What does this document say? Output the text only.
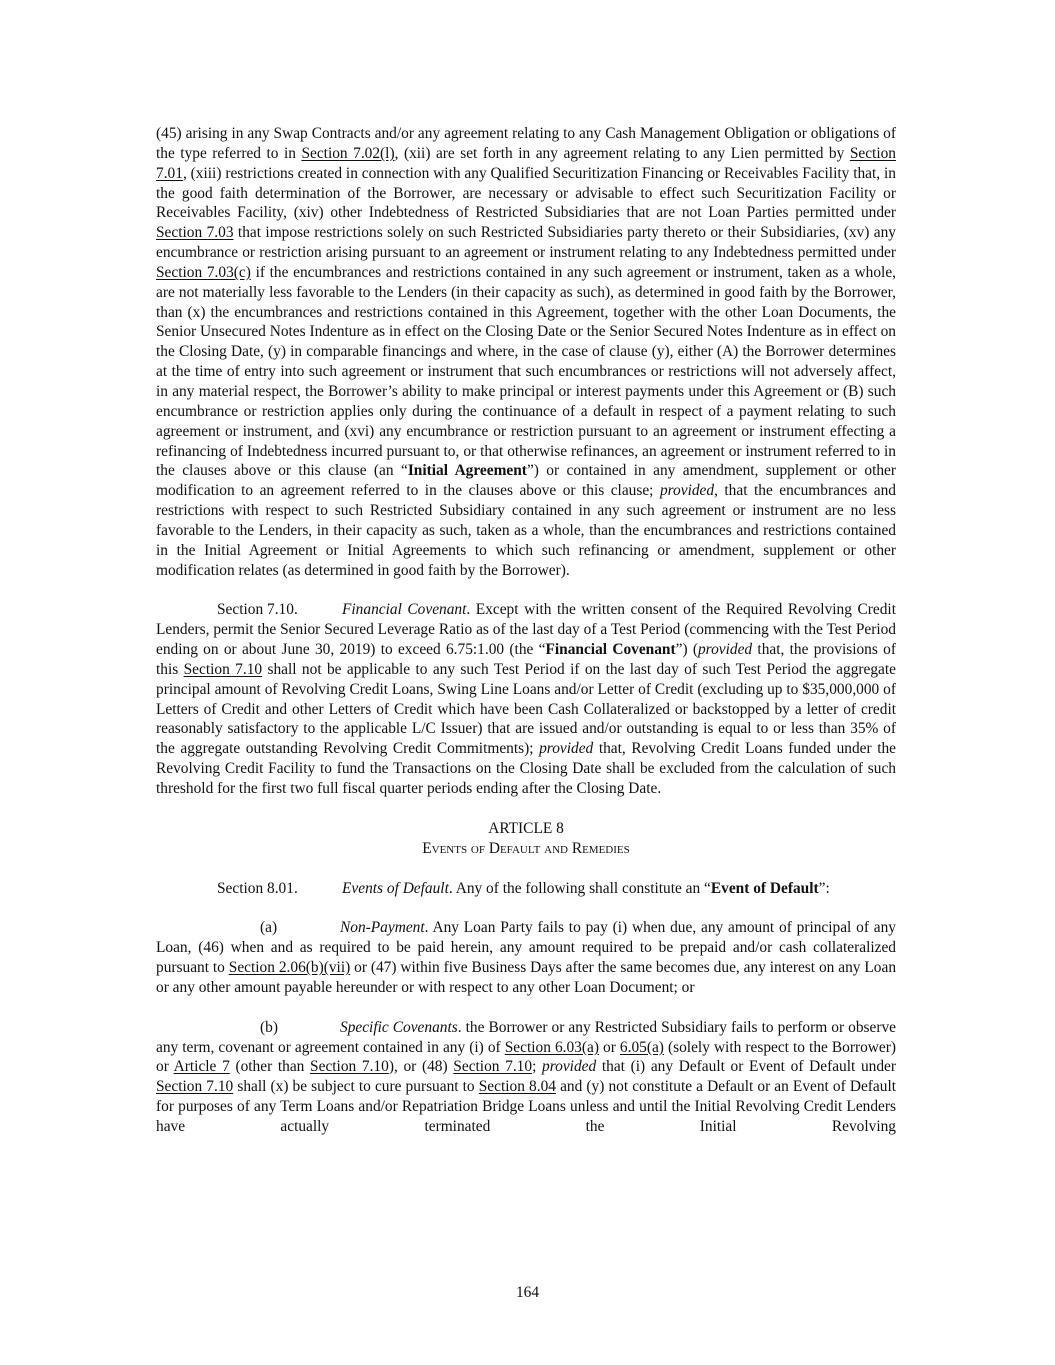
(45) arising in any Swap Contracts and/or any agreement relating to any Cash Management Obligation or obligations of the type referred to in Section 7.02(l), (xii) are set forth in any agreement relating to any Lien permitted by Section 7.01, (xiii) restrictions created in connection with any Qualified Securitization Financing or Receivables Facility that, in the good faith determination of the Borrower, are necessary or advisable to effect such Securitization Facility or Receivables Facility, (xiv) other Indebtedness of Restricted Subsidiaries that are not Loan Parties permitted under Section 7.03 that impose restrictions solely on such Restricted Subsidiaries party thereto or their Subsidiaries, (xv) any encumbrance or restriction arising pursuant to an agreement or instrument relating to any Indebtedness permitted under Section 7.03(c) if the encumbrances and restrictions contained in any such agreement or instrument, taken as a whole, are not materially less favorable to the Lenders (in their capacity as such), as determined in good faith by the Borrower, than (x) the encumbrances and restrictions contained in this Agreement, together with the other Loan Documents, the Senior Unsecured Notes Indenture as in effect on the Closing Date or the Senior Secured Notes Indenture as in effect on the Closing Date, (y) in comparable financings and where, in the case of clause (y), either (A) the Borrower determines at the time of entry into such agreement or instrument that such encumbrances or restrictions will not adversely affect, in any material respect, the Borrower’s ability to make principal or interest payments under this Agreement or (B) such encumbrance or restriction applies only during the continuance of a default in respect of a payment relating to such agreement or instrument, and (xvi) any encumbrance or restriction pursuant to an agreement or instrument effecting a refinancing of Indebtedness incurred pursuant to, or that otherwise refinances, an agreement or instrument referred to in the clauses above or this clause (an “Initial Agreement”) or contained in any amendment, supplement or other modification to an agreement referred to in the clauses above or this clause; provided, that the encumbrances and restrictions with respect to such Restricted Subsidiary contained in any such agreement or instrument are no less favorable to the Lenders, in their capacity as such, taken as a whole, than the encumbrances and restrictions contained in the Initial Agreement or Initial Agreements to which such refinancing or amendment, supplement or other modification relates (as determined in good faith by the Borrower).

Section 7.10.	Financial Covenant. Except with the written consent of the Required Revolving Credit Lenders, permit the Senior Secured Leverage Ratio as of the last day of a Test Period (commencing with the Test Period ending on or about June 30, 2019) to exceed 6.75:1.00 (the “Financial Covenant”) (provided that, the provisions of this Section 7.10 shall not be applicable to any such Test Period if on the last day of such Test Period the aggregate principal amount of Revolving Credit Loans, Swing Line Loans and/or Letter of Credit (excluding up to $35,000,000 of Letters of Credit and other Letters of Credit which have been Cash Collateralized or backstopped by a letter of credit reasonably satisfactory to the applicable L/C Issuer) that are issued and/or outstanding is equal to or less than 35% of the aggregate outstanding Revolving Credit Commitments); provided that, Revolving Credit Loans funded under the Revolving Credit Facility to fund the Transactions on the Closing Date shall be excluded from the calculation of such threshold for the first two full fiscal quarter periods ending after the Closing Date.

ARTICLE 8

Events of Default and Remedies

Section 8.01.	Events of Default. Any of the following shall constitute an “Event of Default”:

(a)	Non-Payment. Any Loan Party fails to pay (i) when due, any amount of principal of any Loan, (46) when and as required to be paid herein, any amount required to be prepaid and/or cash collateralized pursuant to Section 2.06(b)(vii) or (47) within five Business Days after the same becomes due, any interest on any Loan or any other amount payable hereunder or with respect to any other Loan Document; or

(b)	Specific Covenants. the Borrower or any Restricted Subsidiary fails to perform or observe any term, covenant or agreement contained in any (i) of Section 6.03(a) or 6.05(a) (solely with respect to the Borrower) or Article 7 (other than Section 7.10), or (48) Section 7.10; provided that (i) any Default or Event of Default under Section 7.10 shall (x) be subject to cure pursuant to Section 8.04 and (y) not constitute a Default or an Event of Default for purposes of any Term Loans and/or Repatriation Bridge Loans unless and until the Initial Revolving Credit Lenders have actually terminated the Initial Revolving

164
